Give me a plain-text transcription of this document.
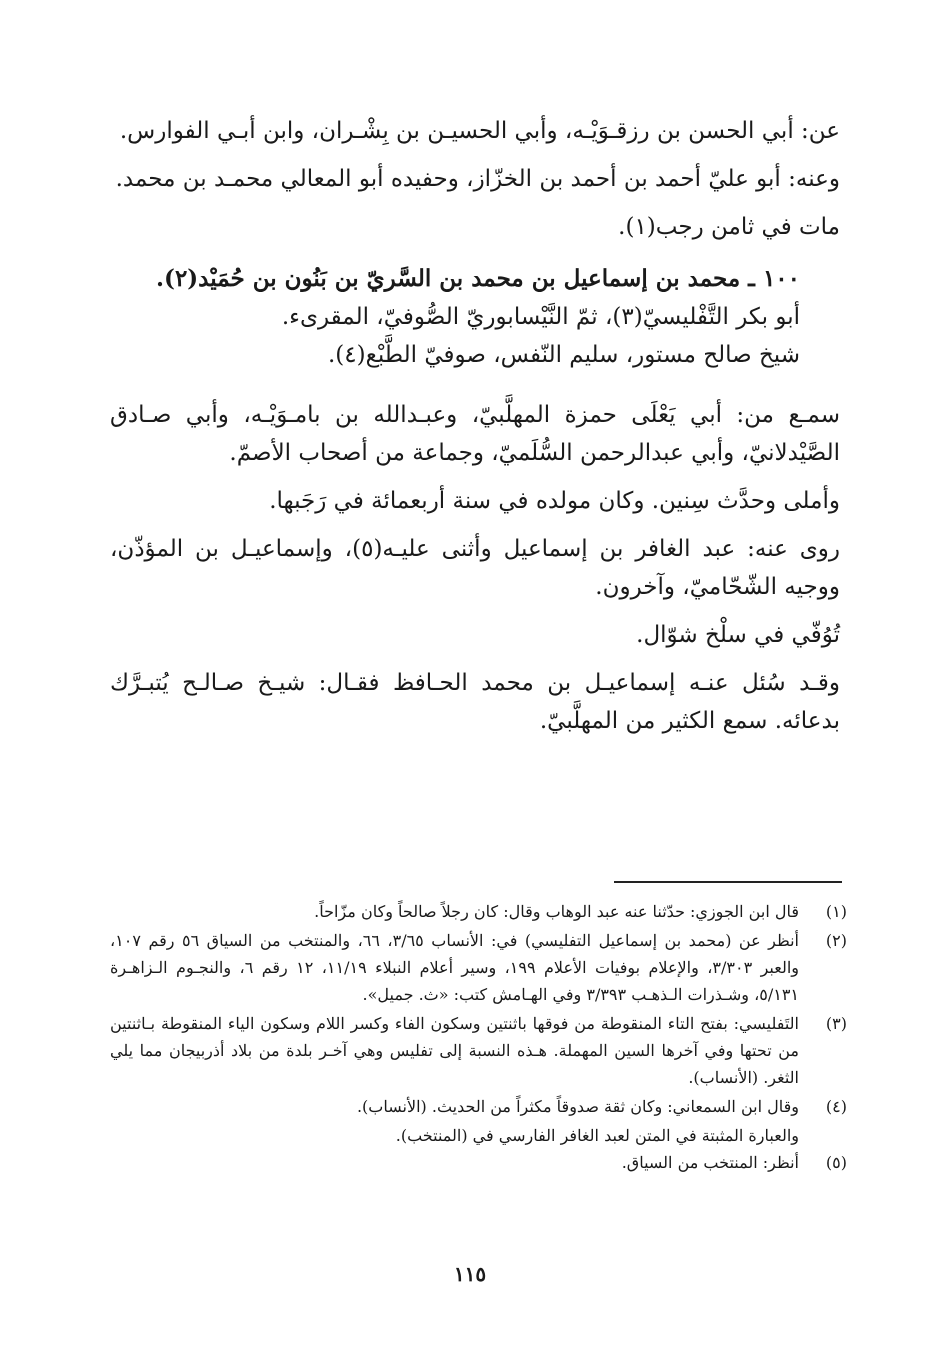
عن: أبي الحسن بن رزقـوَيْـه، وأبي الحسيـن بن بِشْـران، وابن أبـي الفوارس.

وعنه: أبو عليّ أحمد بن أحمد بن الخزّاز، وحفيده أبو المعالي محمـد بن محمد.

مات في ثامن رجب(١).

١٠٠ ـ محمد بن إسماعيل بن محمد بن السَّريّ بن بَنُون بن حُمَيْد(٢).

أبو بكر التَّفْليسيّ(٣)، ثمّ النَّيْسابوريّ الصُّوفيّ، المقرىء.

شيخ صالح مستور، سليم النّفس، صوفيّ الطَّبْع(٤).

سمـع من: أبي يَعْلَى حمزة المهلَّبيّ، وعبـدالله بن بامـوَيْـه، وأبي صـادق الصَّيْدلانيّ، وأبي عبدالرحمن السُّلَميّ، وجماعة من أصحاب الأصمّ.

وأملى وحدَّث سِنين. وكان مولده في سنة أربعمائة في رَجَبها.

روى عنه: عبد الغافر بن إسماعيل وأثنى عليـه(٥)، وإسماعيـل بن المؤذّن، ووجيه الشّحّاميّ، وآخرون.

تُوُفّي في سلْخ شوّال.

وقـد سُئل عنـه إسماعيـل بن محمد الحـافظ فقـال: شيـخ صـالـح يُتبـرَّك بدعائه. سمع الكثير من المهلَّبيّ.

(١)
قال ابن الجوزي: حدّثنا عنه عبد الوهاب وقال: كان رجلاً صالحاً وكان مزّاحاً.
(٢)
أنظر عن (محمد بن إسماعيل التفليسي) في: الأنساب ٣/٦٥، ٦٦، والمنتخب من السياق ٥٦ رقم ١٠٧، والعبر ٣/٣٠٣، والإعلام بوفيات الأعلام ١٩٩، وسير أعلام النبلاء ١١/١٩، ١٢ رقم ٦، والنجـوم الـزاهـرة ٥/١٣١، وشـذرات الـذهـب ٣/٣٩٣ وفي الهـامش كتب: «ث. جميل».
(٣)
التَفليسي: بفتح التاء المنقوطة من فوقها باثنتين وسكون الفاء وكسر اللام وسكون الياء المنقوطة بـاثنتين من تحتها وفي آخرها السين المهملة. هـذه النسبة إلى تفليس وهي آخـر بلدة من بلاد أذربيجان مما يلي الثغر. (الأنساب).
(٤)
وقال ابن السمعاني: وكان ثقة صدوقاً مكثراً من الحديث. (الأنساب).
والعبارة المثبتة في المتن لعبد الغافر الفارسي في (المنتخب).
(٥)
أنظر: المنتخب من السياق.
١١٥
